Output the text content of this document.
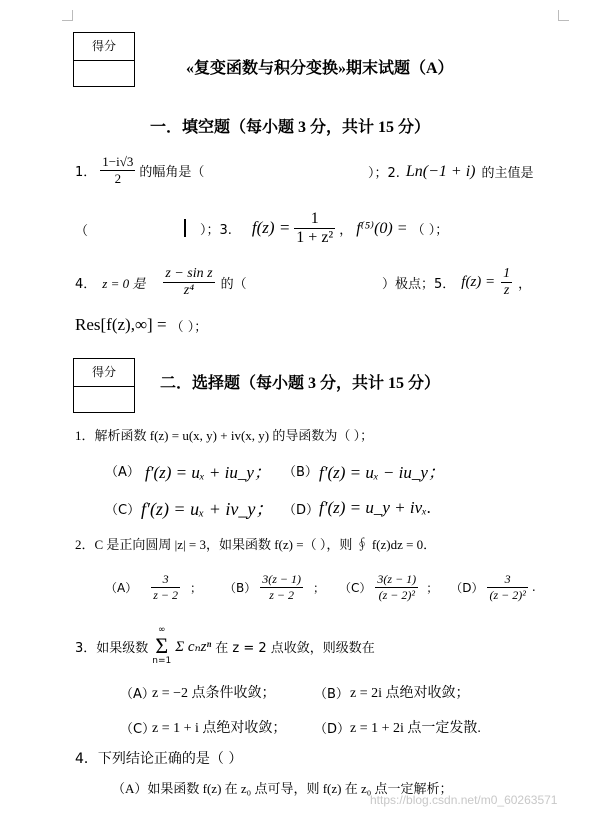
得分
«复变函数与积分变换»期末试题（A）
一．填空题（每小题 3 分，共计 15 分）
1． $\frac{1-i√3}{2}$ 的幅角是（	）；2. Ln(−1 + i) 的主值是
（	）；3. $f(z) = \frac{1}{\text{1 + z²}}$ ， f⁽⁵⁾(0) = （ ）；
4． z = 0 是 $\frac{\text{z − sin z}}{\text{z⁴}}$ 的（	）极点；5． $f(z) = \frac{1}{z}$ ，
Res[f(z),∞] = （ ）；
得分
二．选择题（每小题 3 分，共计 15 分）
1．解析函数 f(z) = u(x, y) + iv(x, y) 的导函数为（ ）；
（A） f′(z) = uₓ + iu_y； （B） f′(z) = uₓ − iu_y；
（C） f′(z) = uₓ + iv_y； （D） f′(z) = u_y + ivₓ.
2．C 是正向圆周 |z| = 3，如果函数 f(z) =（ ），则 ∮ f(z)dz = 0．
$(A) \frac{3}{z - 2}$ ； $(B) \frac{3(z - 1)}{z - 2}$ ； $(C) \frac{3(z - 1)}{\text{(z − 2)²}}$ ； $(D) \frac{3}{\text{(z − 2)²}}$ .
3．如果级数
∞
Σ
n=1
Σ cₙzⁿ 在 z = 2 点收敛，则级数在
（A）
z = −2 点条件收敛；	（B） z = 2i 点绝对收敛；
（C）
z = 1 + i 点绝对收敛；	（D） z = 1 + 2i 点一定发散.
4．下列结论正确的是（ ）
（A）如果函数 f(z) 在 z₀ 点可导，则 f(z) 在 z₀ 点一定解析；
https://blog.csdn.net/m0_60263571
